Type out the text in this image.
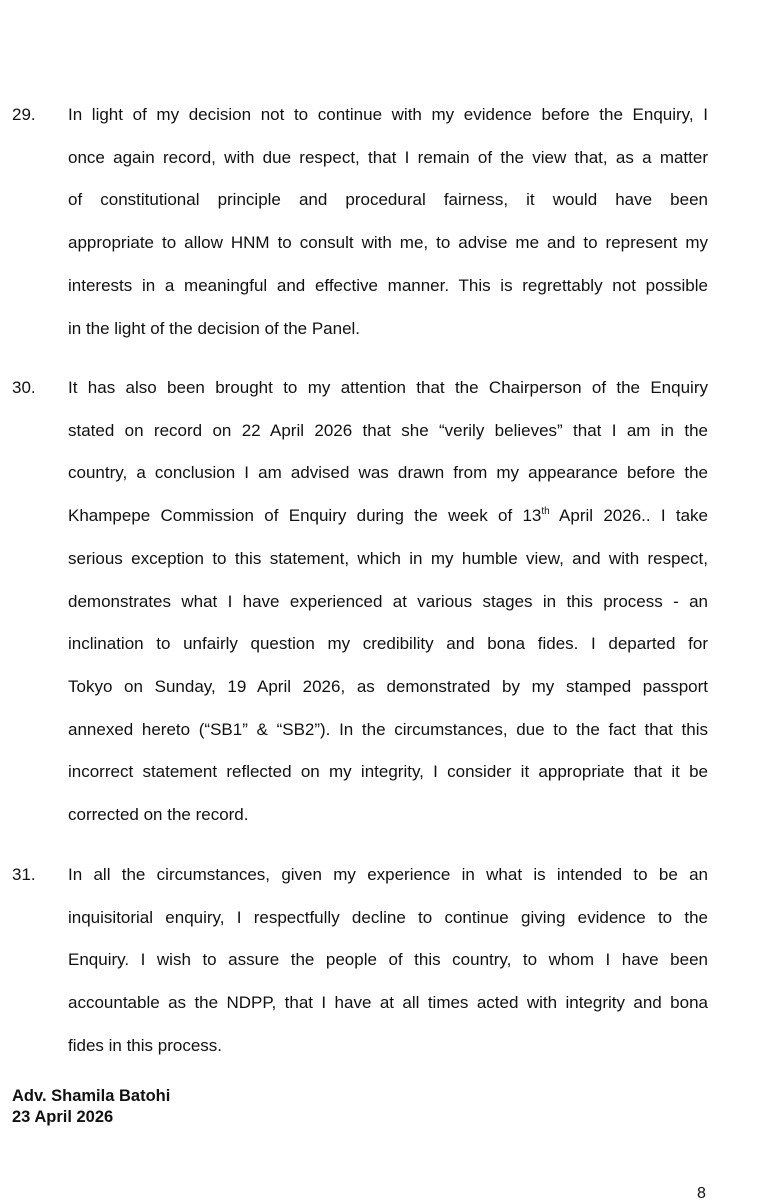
29. In light of my decision not to continue with my evidence before the Enquiry, I
once again record, with due respect, that I remain of the view that, as a matter
of constitutional principle and procedural fairness, it would have been
appropriate to allow HNM to consult with me, to advise me and to represent my
interests in a meaningful and effective manner. This is regrettably not possible
in the light of the decision of the Panel.
30. It has also been brought to my attention that the Chairperson of the Enquiry
stated on record on 22 April 2026 that she “verily believes” that I am in the
country, a conclusion I am advised was drawn from my appearance before the
Khampepe Commission of Enquiry during the week of 13th April 2026.. I take
serious exception to this statement, which in my humble view, and with respect,
demonstrates what I have experienced at various stages in this process - an
inclination to unfairly question my credibility and bona fides. I departed for
Tokyo on Sunday, 19 April 2026, as demonstrated by my stamped passport
annexed hereto (“SB1” & “SB2”). In the circumstances, due to the fact that this
incorrect statement reflected on my integrity, I consider it appropriate that it be
corrected on the record.
31. In all the circumstances, given my experience in what is intended to be an
inquisitorial enquiry, I respectfully decline to continue giving evidence to the
Enquiry. I wish to assure the people of this country, to whom I have been
accountable as the NDPP, that I have at all times acted with integrity and bona
fides in this process.
Adv. Shamila Batohi
23 April 2026
8
